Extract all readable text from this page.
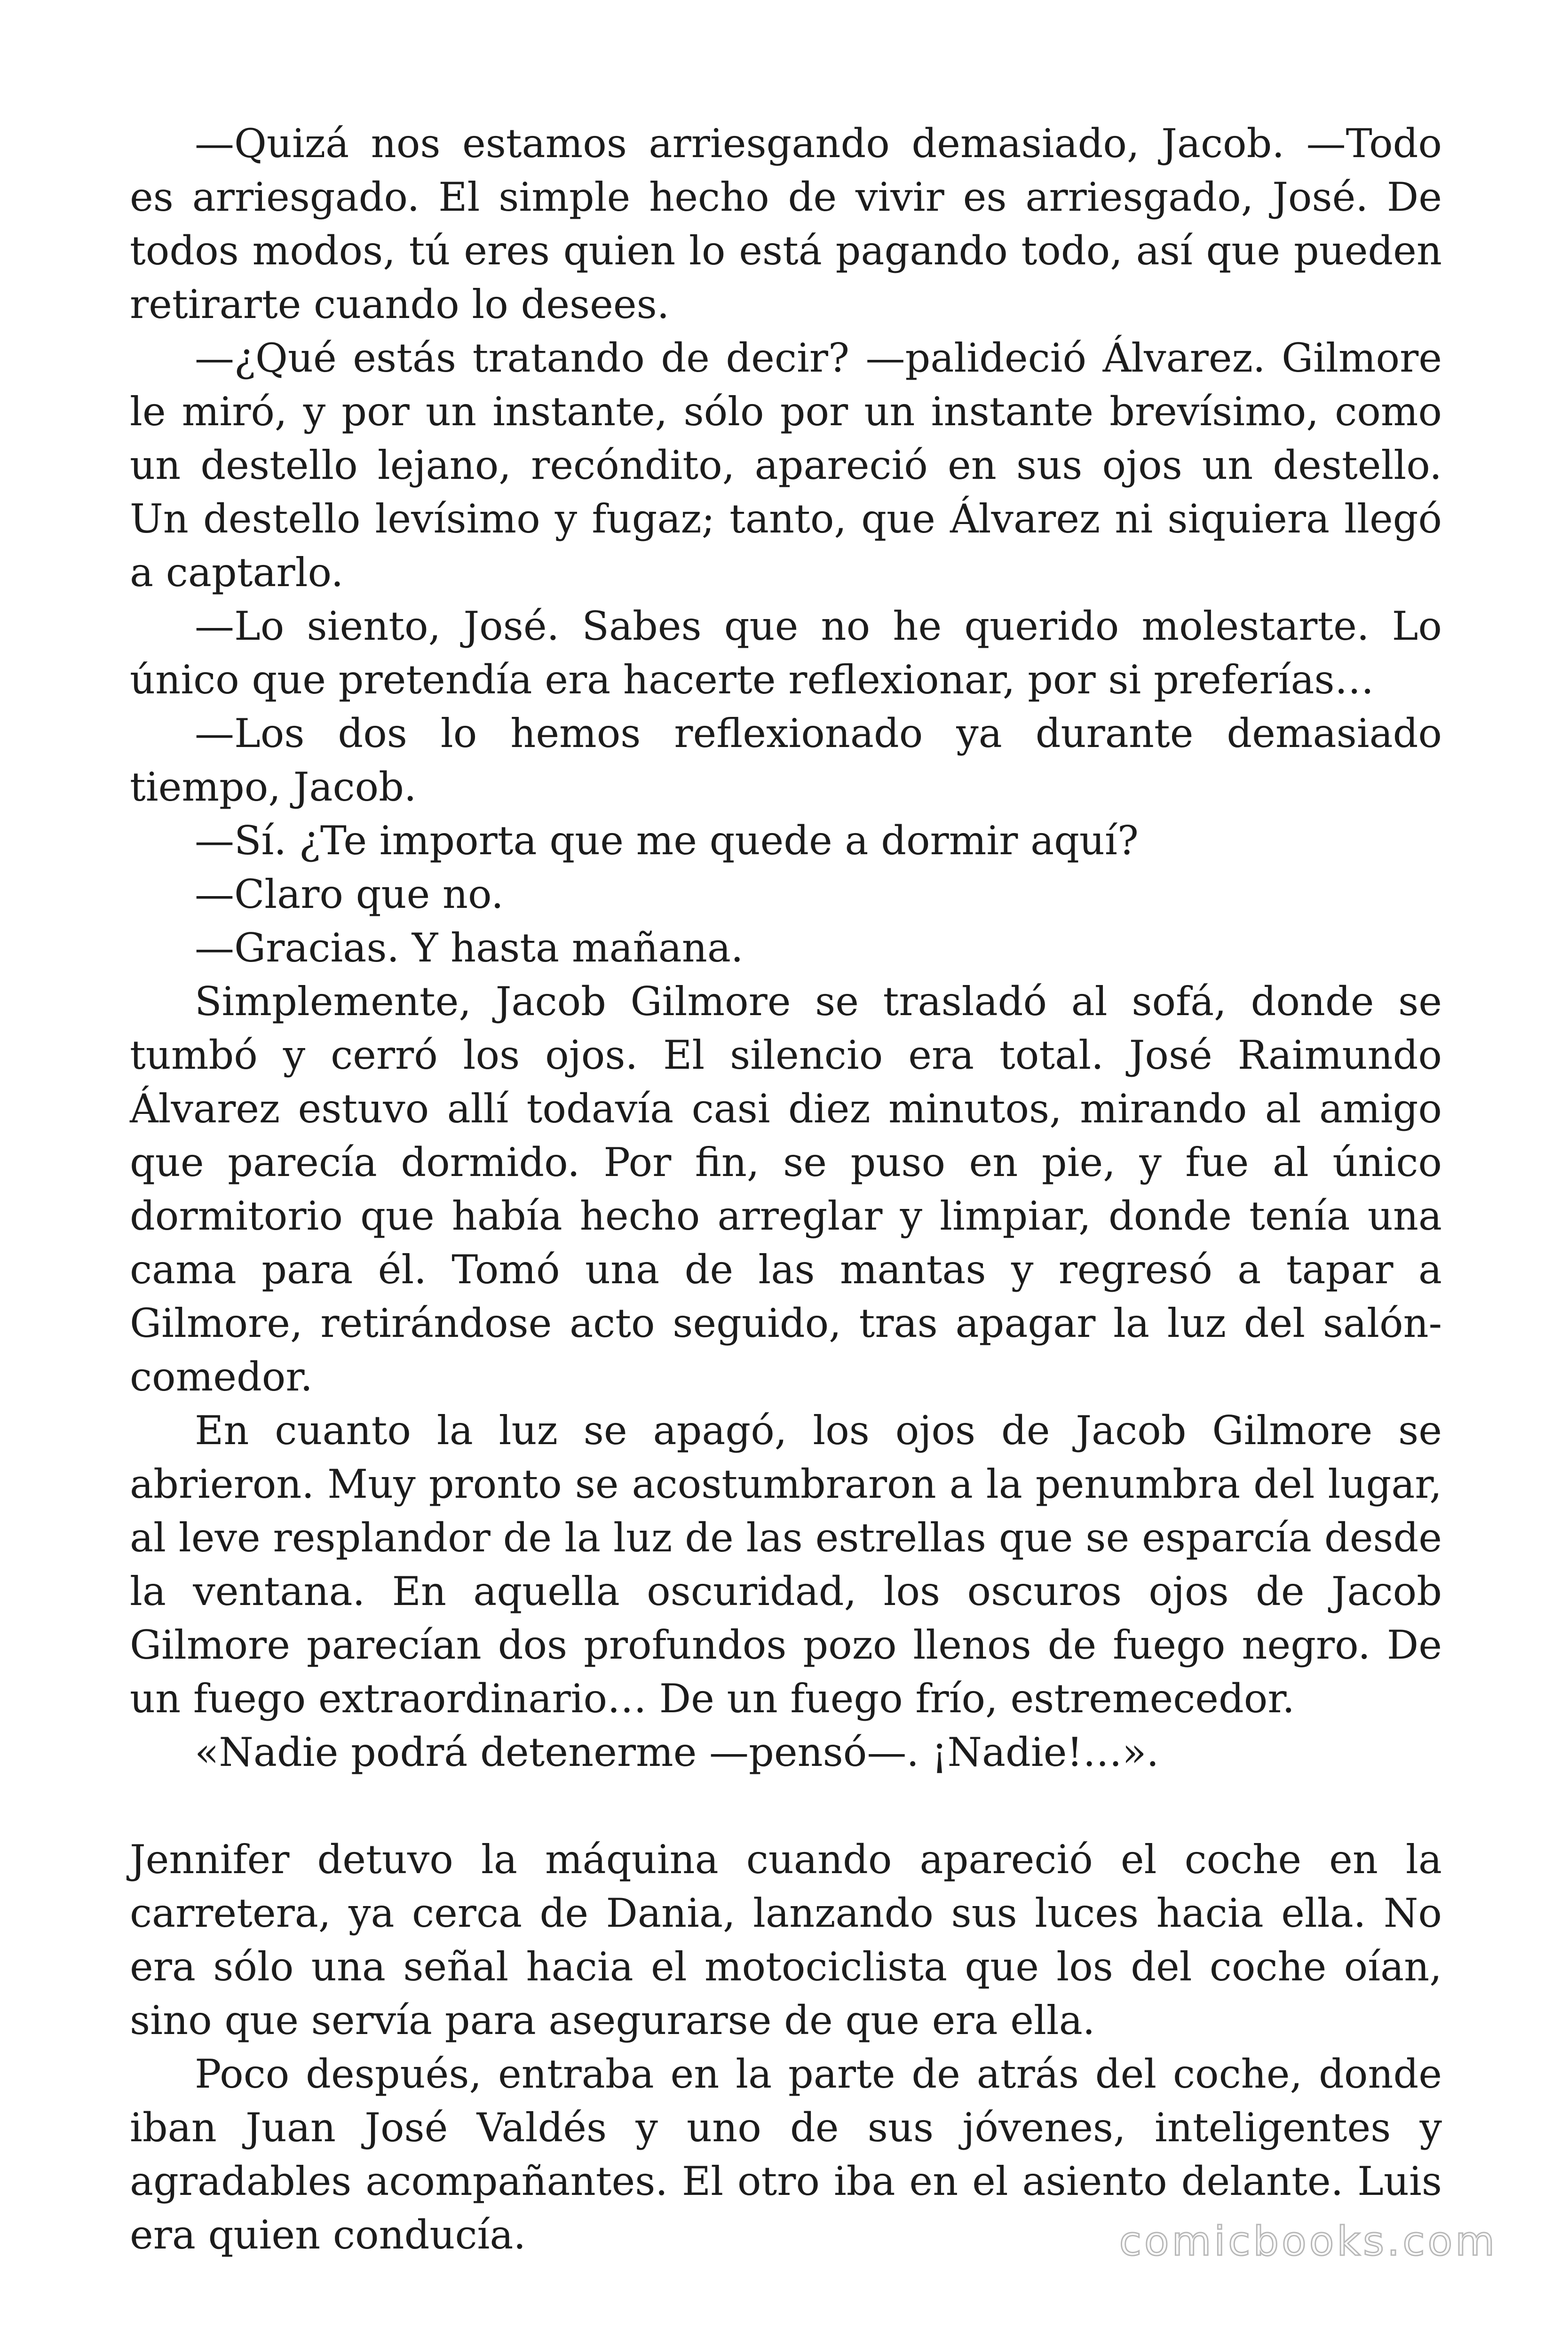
—Quizá nos estamos arriesgando demasiado, Jacob. —Todo es arriesgado. El simple hecho de vivir es arriesgado, José. De todos modos, tú eres quien lo está pagando todo, así que pueden retirarte cuando lo desees.

—¿Qué estás tratando de decir? —palideció Álvarez. Gilmore le miró, y por un instante, sólo por un instante brevísimo, como un destello lejano, recóndito, apareció en sus ojos un destello. Un destello levísimo y fugaz; tanto, que Álvarez ni siquiera llegó a captarlo.

—Lo siento, José. Sabes que no he querido molestarte. Lo único que pretendía era hacerte reflexionar, por si preferías…

—Los dos lo hemos reflexionado ya durante demasiado tiempo, Jacob.

—Sí. ¿Te importa que me quede a dormir aquí?

—Claro que no.

—Gracias. Y hasta mañana.

Simplemente, Jacob Gilmore se trasladó al sofá, donde se tumbó y cerró los ojos. El silencio era total. José Raimundo Álvarez estuvo allí todavía casi diez minutos, mirando al amigo que parecía dormido. Por fin, se puso en pie, y fue al único dormitorio que había hecho arreglar y limpiar, donde tenía una cama para él. Tomó una de las mantas y regresó a tapar a Gilmore, retirándose acto seguido, tras apagar la luz del salón-comedor.

En cuanto la luz se apagó, los ojos de Jacob Gilmore se abrieron. Muy pronto se acostumbraron a la penumbra del lugar, al leve resplandor de la luz de las estrellas que se esparcía desde la ventana. En aquella oscuridad, los oscuros ojos de Jacob Gilmore parecían dos profundos pozo llenos de fuego negro. De un fuego extraordinario… De un fuego frío, estremecedor.

«Nadie podrá detenerme —pensó—. ¡Nadie!…».

Jennifer detuvo la máquina cuando apareció el coche en la carretera, ya cerca de Dania, lanzando sus luces hacia ella. No era sólo una señal hacia el motociclista que los del coche oían, sino que servía para asegurarse de que era ella.

Poco después, entraba en la parte de atrás del coche, donde iban Juan José Valdés y uno de sus jóvenes, inteligentes y agradables acompañantes. El otro iba en el asiento delante. Luis era quien conducía.	comicbooks.com
